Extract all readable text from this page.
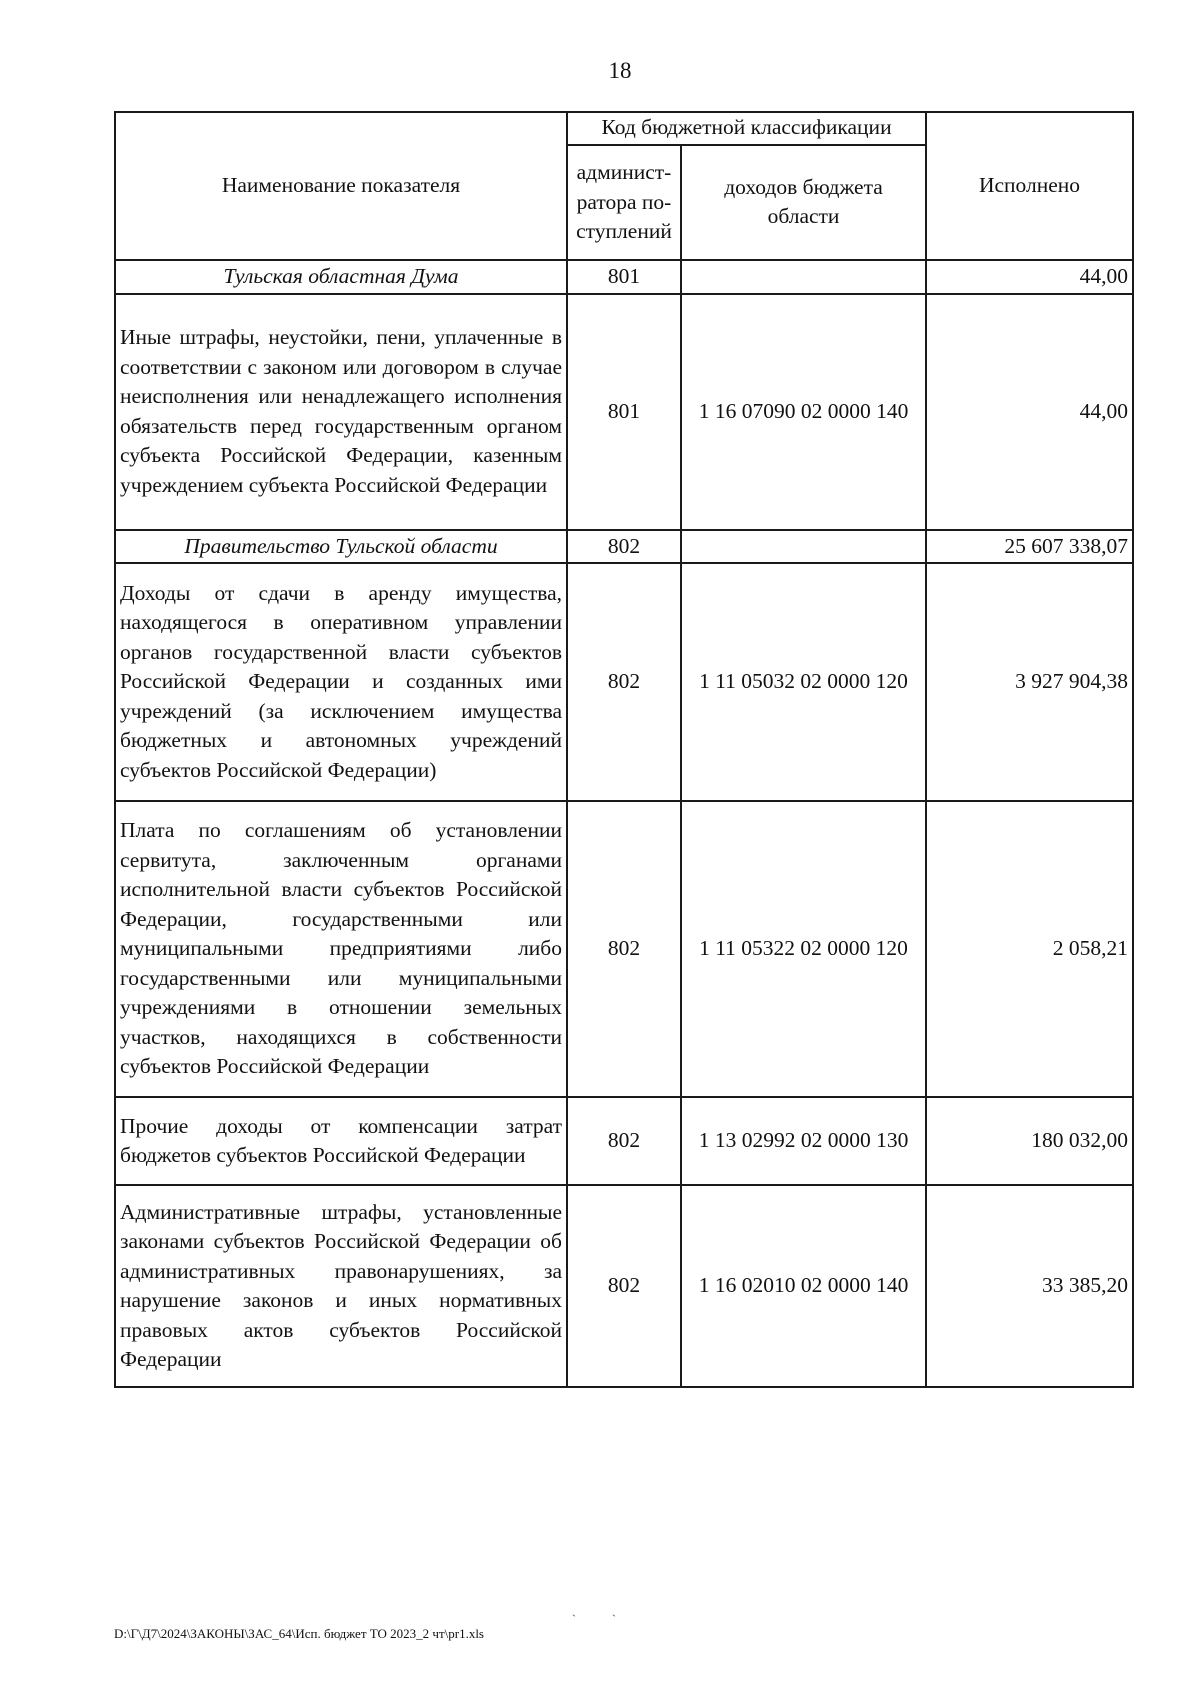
18
Наименование показателя	Код бюджетной классификации		Исполнено
	админист-ратора по-ступлений	доходов бюджета области	
Тульская областная Дума	801		44,00
Иные штрафы, неустойки, пени, уплаченные в соответствии с законом или договором в случае неисполнения или ненадлежащего исполнения обязательств перед государственным органом субъекта Российской Федерации, казенным учреждением субъекта Российской Федерации	801	1 16 07090 02 0000 140	44,00
Правительство Тульской области	802		25 607 338,07
Доходы от сдачи в аренду имущества, находящегося в оперативном управлении органов государственной власти субъектов Российской Федерации и созданных ими учреждений (за исключением имущества бюджетных и автономных учреждений субъектов Российской Федерации)	802	1 11 05032 02 0000 120	3 927 904,38
Плата по соглашениям об установлении сервитута, заключенным органами исполнительной власти субъектов Российской Федерации, государственными или муниципальными предприятиями либо государственными или муниципальными учреждениями в отношении земельных участков, находящихся в собственности субъектов Российской Федерации	802	1 11 05322 02 0000 120	2 058,21
Прочие доходы от компенсации затрат бюджетов субъектов Российской Федерации	802	1 13 02992 02 0000 130	180 032,00
Административные штрафы, установленные законами субъектов Российской Федерации об административных правонарушениях, за нарушение законов и иных нормативных правовых актов субъектов Российской Федерации	802	1 16 02010 02 0000 140	33 385,20
ˎ	ˏ
D:\Г\Д7\2024\ЗАКОНЫ\ЗАС_64\Исп. бюджет ТО 2023_2 чт\pr1.xls
